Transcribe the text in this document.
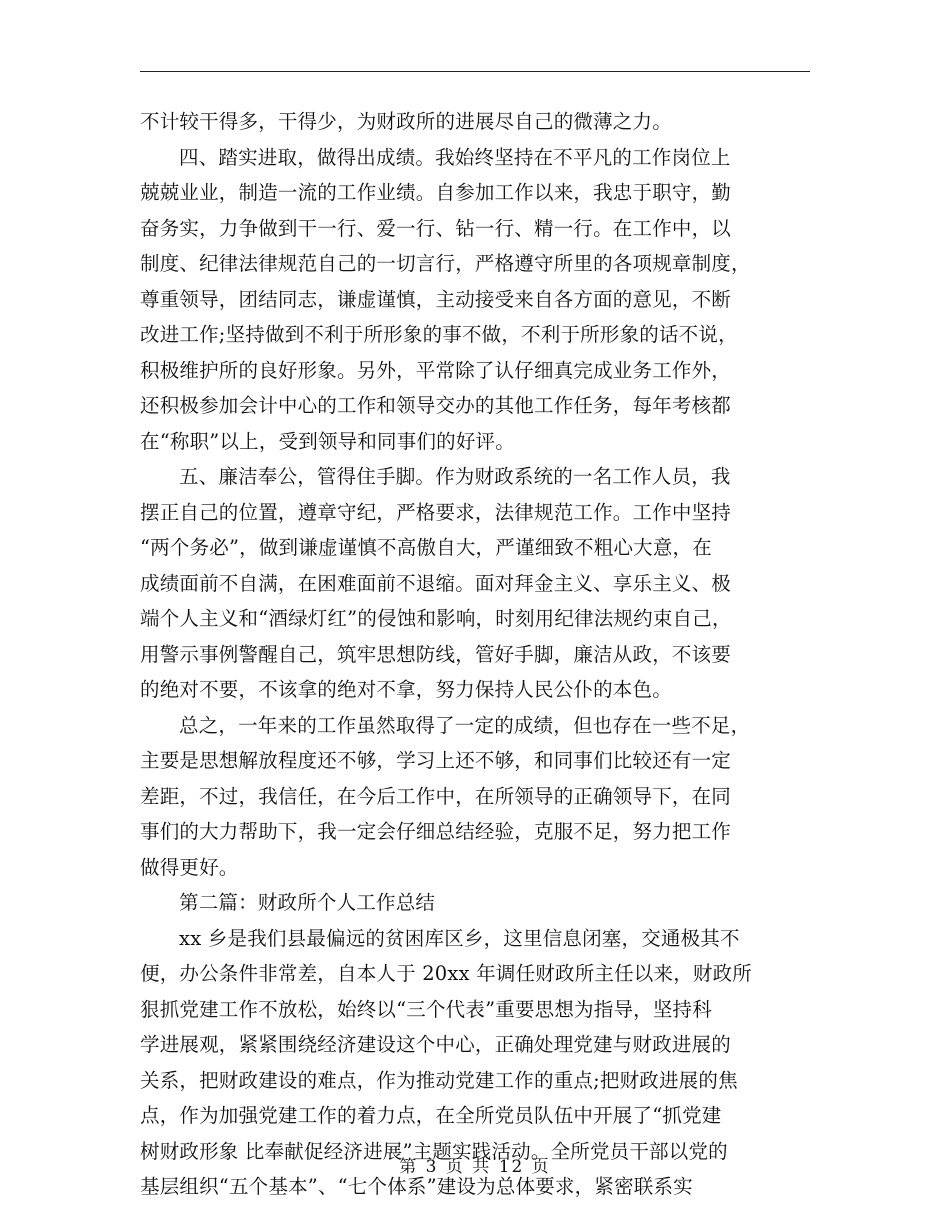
不计较干得多，干得少，为财政所的进展尽自己的微薄之力。
四、踏实进取，做得出成绩。我始终坚持在不平凡的工作岗位上
兢兢业业，制造一流的工作业绩。自参加工作以来，我忠于职守，勤
奋务实，力争做到干一行、爱一行、钻一行、精一行。在工作中，以
制度、纪律法律规范自己的一切言行，严格遵守所里的各项规章制度，
尊重领导，团结同志，谦虚谨慎，主动接受来自各方面的意见，不断
改进工作;坚持做到不利于所形象的事不做，不利于所形象的话不说，
积极维护所的良好形象。另外，平常除了认仔细真完成业务工作外，
还积极参加会计中心的工作和领导交办的其他工作任务，每年考核都
在“称职”以上，受到领导和同事们的好评。
五、廉洁奉公，管得住手脚。作为财政系统的一名工作人员，我
摆正自己的位置，遵章守纪，严格要求，法律规范工作。工作中坚持
“两个务必”，做到谦虚谨慎不高傲自大，严谨细致不粗心大意，在
成绩面前不自满，在困难面前不退缩。面对拜金主义、享乐主义、极
端个人主义和“酒绿灯红”的侵蚀和影响，时刻用纪律法规约束自己，
用警示事例警醒自己，筑牢思想防线，管好手脚，廉洁从政，不该要
的绝对不要，不该拿的绝对不拿，努力保持人民公仆的本色。
总之，一年来的工作虽然取得了一定的成绩，但也存在一些不足，
主要是思想解放程度还不够，学习上还不够，和同事们比较还有一定
差距，不过，我信任，在今后工作中，在所领导的正确领导下，在同
事们的大力帮助下，我一定会仔细总结经验，克服不足，努力把工作
做得更好。
第二篇：财政所个人工作总结
xx 乡是我们县最偏远的贫困库区乡，这里信息闭塞，交通极其不
便，办公条件非常差，自本人于 20xx 年调任财政所主任以来，财政所
狠抓党建工作不放松，始终以“三个代表”重要思想为指导，坚持科
学进展观，紧紧围绕经济建设这个中心，正确处理党建与财政进展的
关系，把财政建设的难点，作为推动党建工作的重点;把财政进展的焦
点，作为加强党建工作的着力点，在全所党员队伍中开展了“抓党建
树财政形象 比奉献促经济进展”主题实践活动。全所党员干部以党的
基层组织“五个基本”、“七个体系”建设为总体要求，紧密联系实
第 3 页 共 12 页
